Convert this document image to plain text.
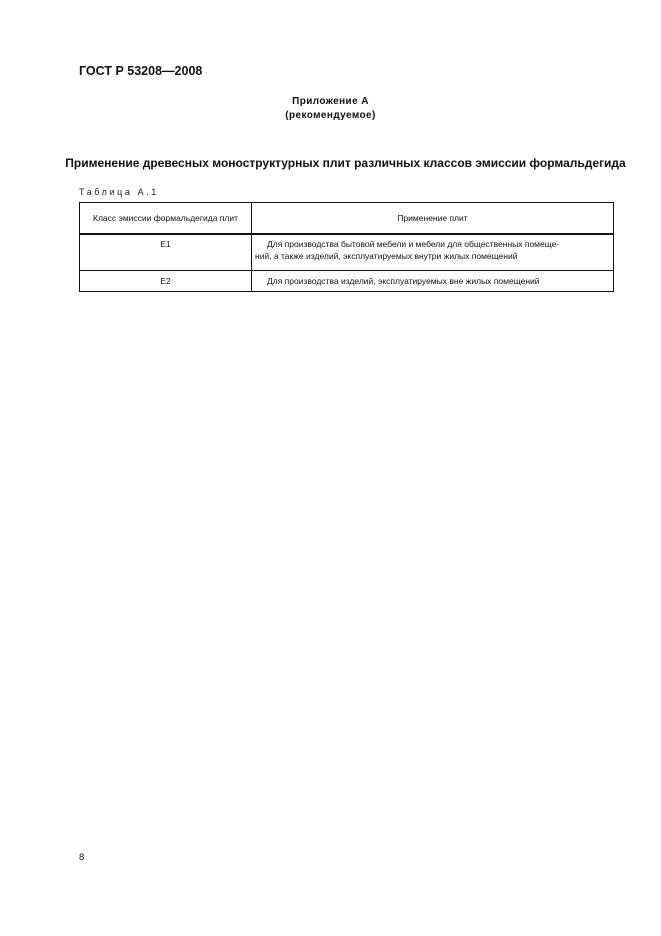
ГОСТ Р 53208—2008
Приложение А
(рекомендуемое)
Применение древесных моноструктурных плит различных классов эмиссии формальдегида
Таблица А.1
Класс эмиссии формальдегида плит	Применение плит
Е1	Для производства бытовой мебели и мебели для общественных помеще-
ний, а также изделий, эксплуатируемых внутри жилых помещений
Е2	Для производства изделий, эксплуатируемых вне жилых помещений
8
